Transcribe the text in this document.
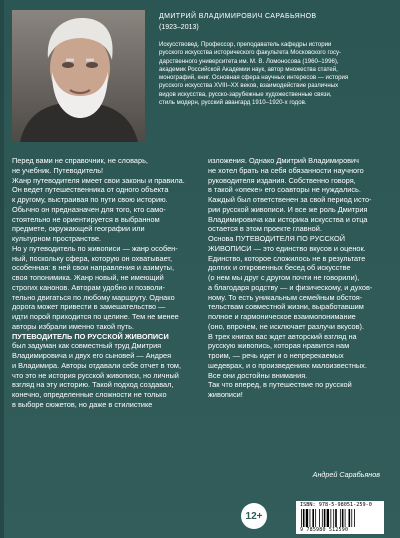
ДМИТРИЙ ВЛАДИМИРОВИЧ САРАБЬЯНОВ
(1923–2013)
Искусствовед. Профессор, преподаватель кафедры истории
русского искусства исторического факультета Московского госу-
дарственного университета им. М. В. Ломоносова (1960–1996),
академик Российской Академии наук, автор множества статей,
монографий, книг. Основная сфера научных интересов — история
русского искусства XVIII–XX веков, взаимодействие различных
видов искусства, русско-зарубежные художественные связи,
стиль модерн, русский авангард 1910–1920-х годов.

Перед вами не справочник, не словарь,

не учебник. Путеводитель!

Жанр путеводителя имеет свои законы и правила.

Он ведет путешественника от одного объекта

к другому, выстраивая по пути свою историю.

Обычно он предназначен для того, кто само-

стоятельно не ориентируется в выбранном

предмете, окружающей географии или

культурном пространстве.

Но у путеводитель по живописи — жанр особен-

ный, поскольку сфера, которую он охватывает,

особенная: в ней свои направления и азимуты,

своя топонимика. Жанр новый, не имеющий

строгих канонов. Авторам удобно и позволи-

тельно двигаться по любому маршруту. Однако

дорога может привести в замешательство —

идти порой приходится по целине. Тем не менее

авторы избрали именно такой путь.

ПУТЕВОДИТЕЛЬ ПО РУССКОЙ ЖИВОПИСИ

был задуман как совместный труд Дмитрия

Владимировича и двух его сыновей — Андрея

и Владимира. Авторы отдавали себе отчет в том,

что это не история русской живописи, но личный

взгляд на эту историю. Такой подход создавал,

конечно, определенные сложности не только

в выборе сюжетов, но даже в стилистике

изложения. Однако Дмитрий Владимирович

не хотел брать на себя обязанности научного

руководителя издания. Собственно говоря,

в такой «опеке» его соавторы не нуждались.

Каждый был ответственен за свой период исто-

рии русской живописи. И все же роль Дмитрия

Владимировича как историка искусства и отца

остается в этом проекте главной.

Основа ПУТЕВОДИТЕЛЯ ПО РУССКОЙ

ЖИВОПИСИ — это единство вкусов и оценок.

Единство, которое сложилось не в результате

долгих и откровенных бесед об искусстве

(о нем мы друг с другом почти не говорили),

а благодаря родству — и физическому, и духов-

ному. То есть уникальным семейным обстоя-

тельствам совместной жизни, выработавшим

полное и гармоническое взаимопонимание

(оно, впрочем, не исключает разлучи вкусов).

В трех книгах вас ждет авторский взгляд на

русскую живопись, которая нравится нам

троим, — речь идет и о непререкаемых

шедеврах, и о произведениях малоизвестных.

Все они достойны внимания.

Так что вперед, в путешествие по русской

живописи!

Андрей Сарабьянов
12+
ISBN: 978-5-98051-259-0
9 785980 512590
